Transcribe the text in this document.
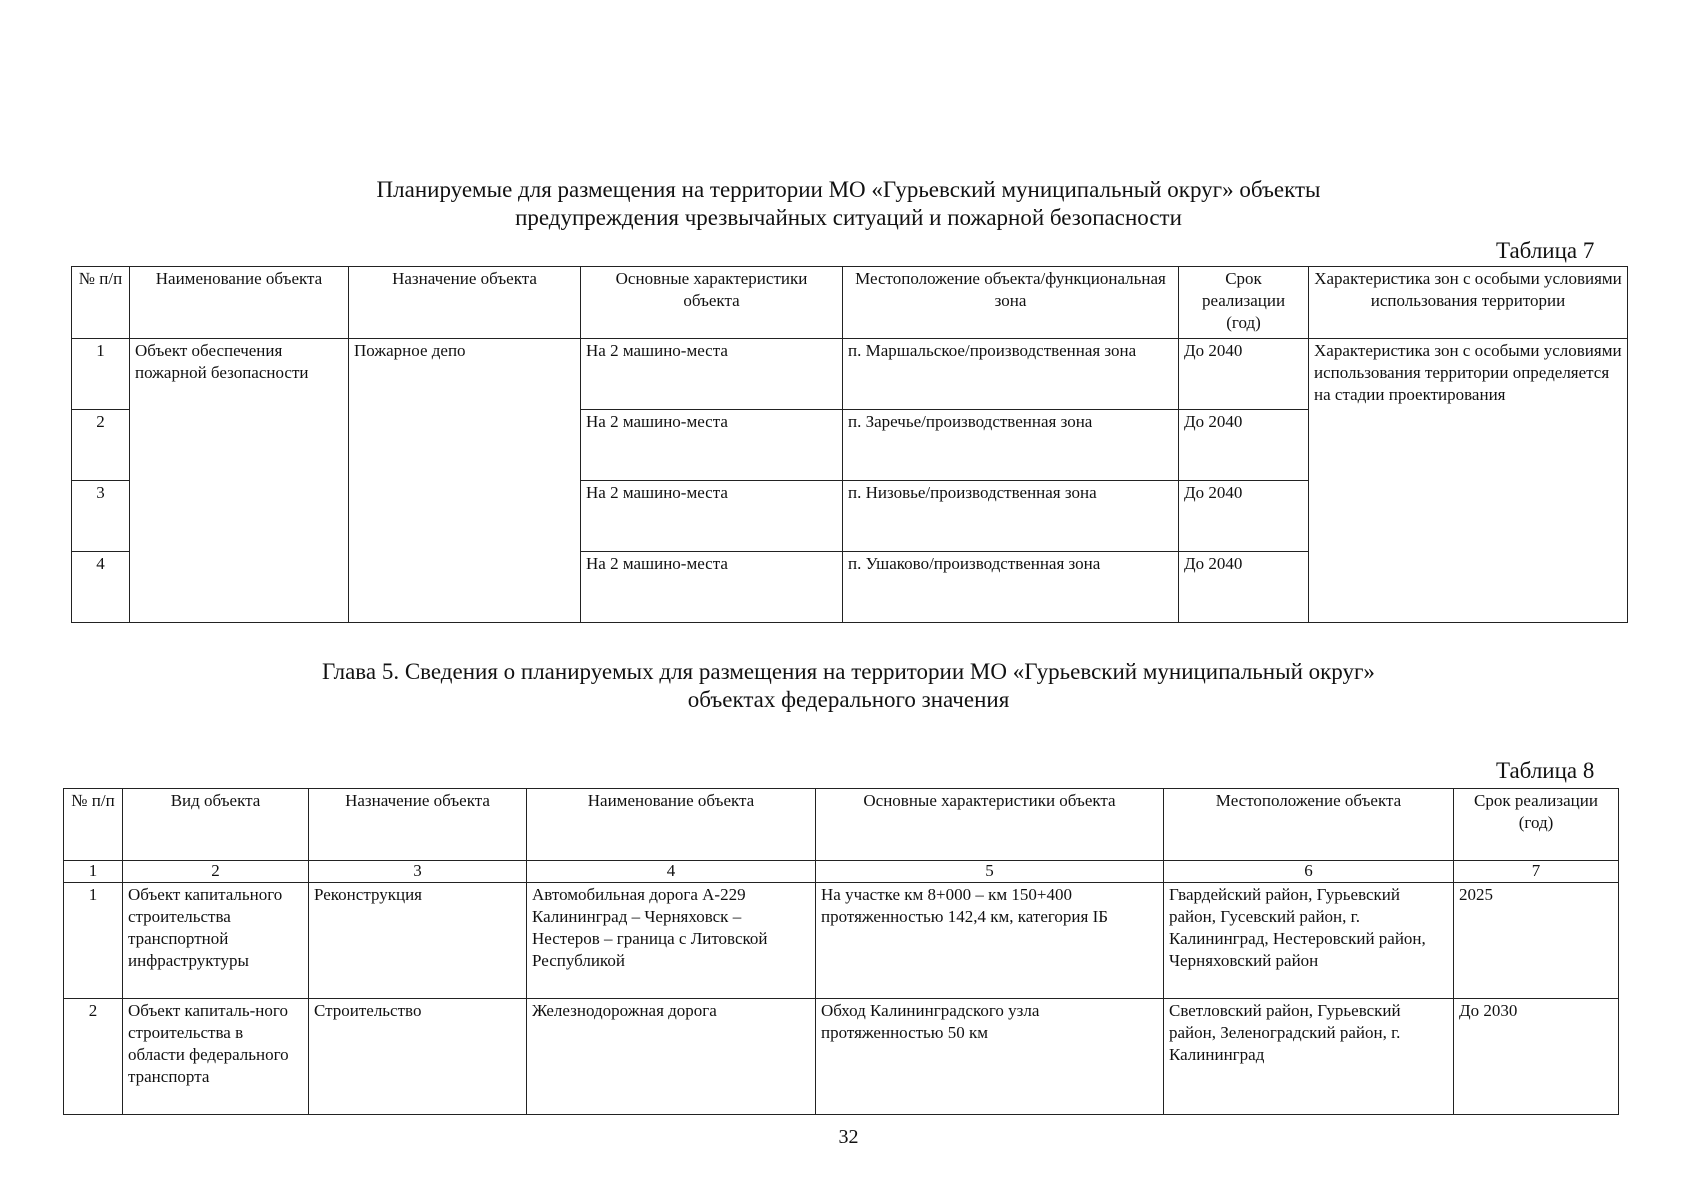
Планируемые для размещения на территории МО «Гурьевский муниципальный округ» объекты
предупреждения чрезвычайных ситуаций и пожарной безопасности
Таблица 7
№ п/п	Наименование объекта	Назначение объекта	Основные характеристики объекта	Местоположение объекта/функциональная зона	Срок реализации (год)	Характеристика зон с особыми условиями использования территории
1	Объект обеспечения пожарной безопасности	Пожарное депо	На 2 машино-места	п. Маршальское/производственная зона	До 2040	Характеристика зон с особыми условиями использования территории определяется на стадии проектирования
2			На 2 машино-места	п. Заречье/производственная зона	До 2040	
3			На 2 машино-места	п. Низовье/производственная зона	До 2040	
4			На 2 машино-места	п. Ушаково/производственная зона	До 2040	
Глава 5. Сведения о планируемых для размещения на территории МО «Гурьевский муниципальный округ»
объектах федерального значения
Таблица 8
№ п/п	Вид объекта	Назначение объекта	Наименование объекта	Основные характеристики объекта	Местоположение объекта	Срок реализации (год)
1	2	3	4	5	6	7
1	Объект капитального строительства транспортной инфраструктуры	Реконструкция	Автомобильная дорога А-229 Калининград – Черняховск – Нестеров – граница с Литовской Республикой	На участке км 8+000 – км 150+400 протяженностью 142,4 км, категория IБ	Гвардейский район, Гурьевский район, Гусевский район, г. Калининград, Нестеровский район, Черняховский район	2025
2	Объект капиталь-ного строительства в области федерального транспорта	Строительство	Железнодорожная дорога	Обход Калининградского узла протяженностью 50 км	Светловский район, Гурьевский район, Зеленоградский район, г. Калининград	До 2030
32
